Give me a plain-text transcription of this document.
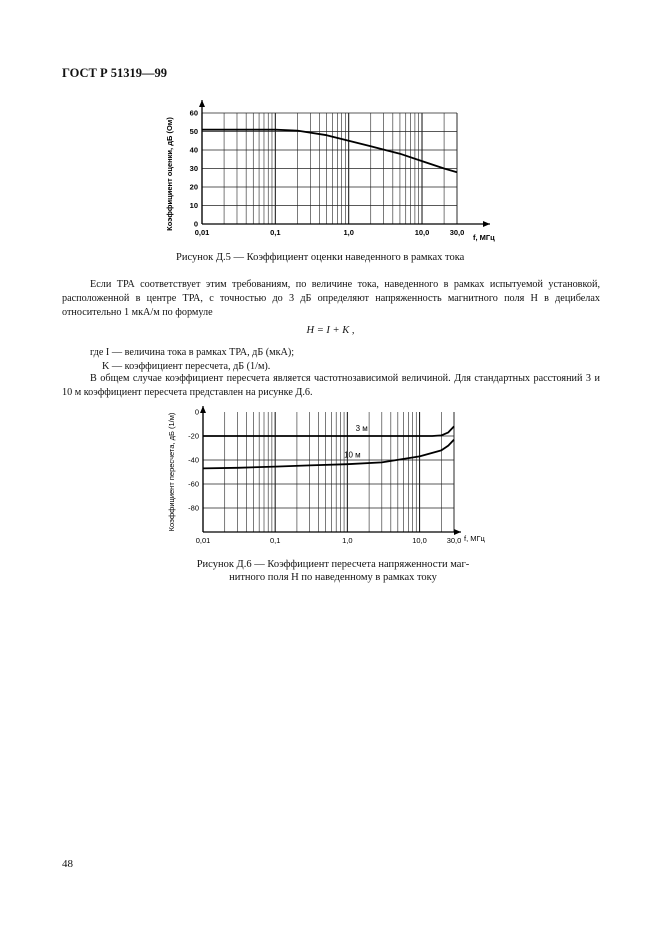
ГОСТ Р 51319—99
0
10
20
30
40
50
60
0,01	0,1	1,0	10,0	30,0
Коэффициент оценки, дБ (Ом)
f, МГц
Рисунок Д.5 — Коэффициент оценки наведенного в рамках тока
Если ТРА соответствует этим требованиям, по величине тока, наведенного в рамках испытуемой установкой, расположенной в центре ТРА, с точностью до 3 дБ определяют напряженность магнитного поля H в децибелах относительно 1 мкА/м по формуле
H = I + K ,
где I — величина тока в рамках ТРА, дБ (мкА);
K — коэффициент пересчета, дБ (1/м).
В общем случае коэффициент пересчета является частотнозависимой величиной. Для стандартных расстояний 3 и 10 м коэффициент пересчета представлен на рисунке Д.6.
0
-20
-40
-60
-80
0,01	0,1	1,0	10,0	30,0
3 м
10 м
Коэффициент пересчета, дБ (1/м)
f, МГц
Рисунок Д.6 — Коэффициент пересчета напряженности маг-
нитного поля H по наведенному в рамках току
48
